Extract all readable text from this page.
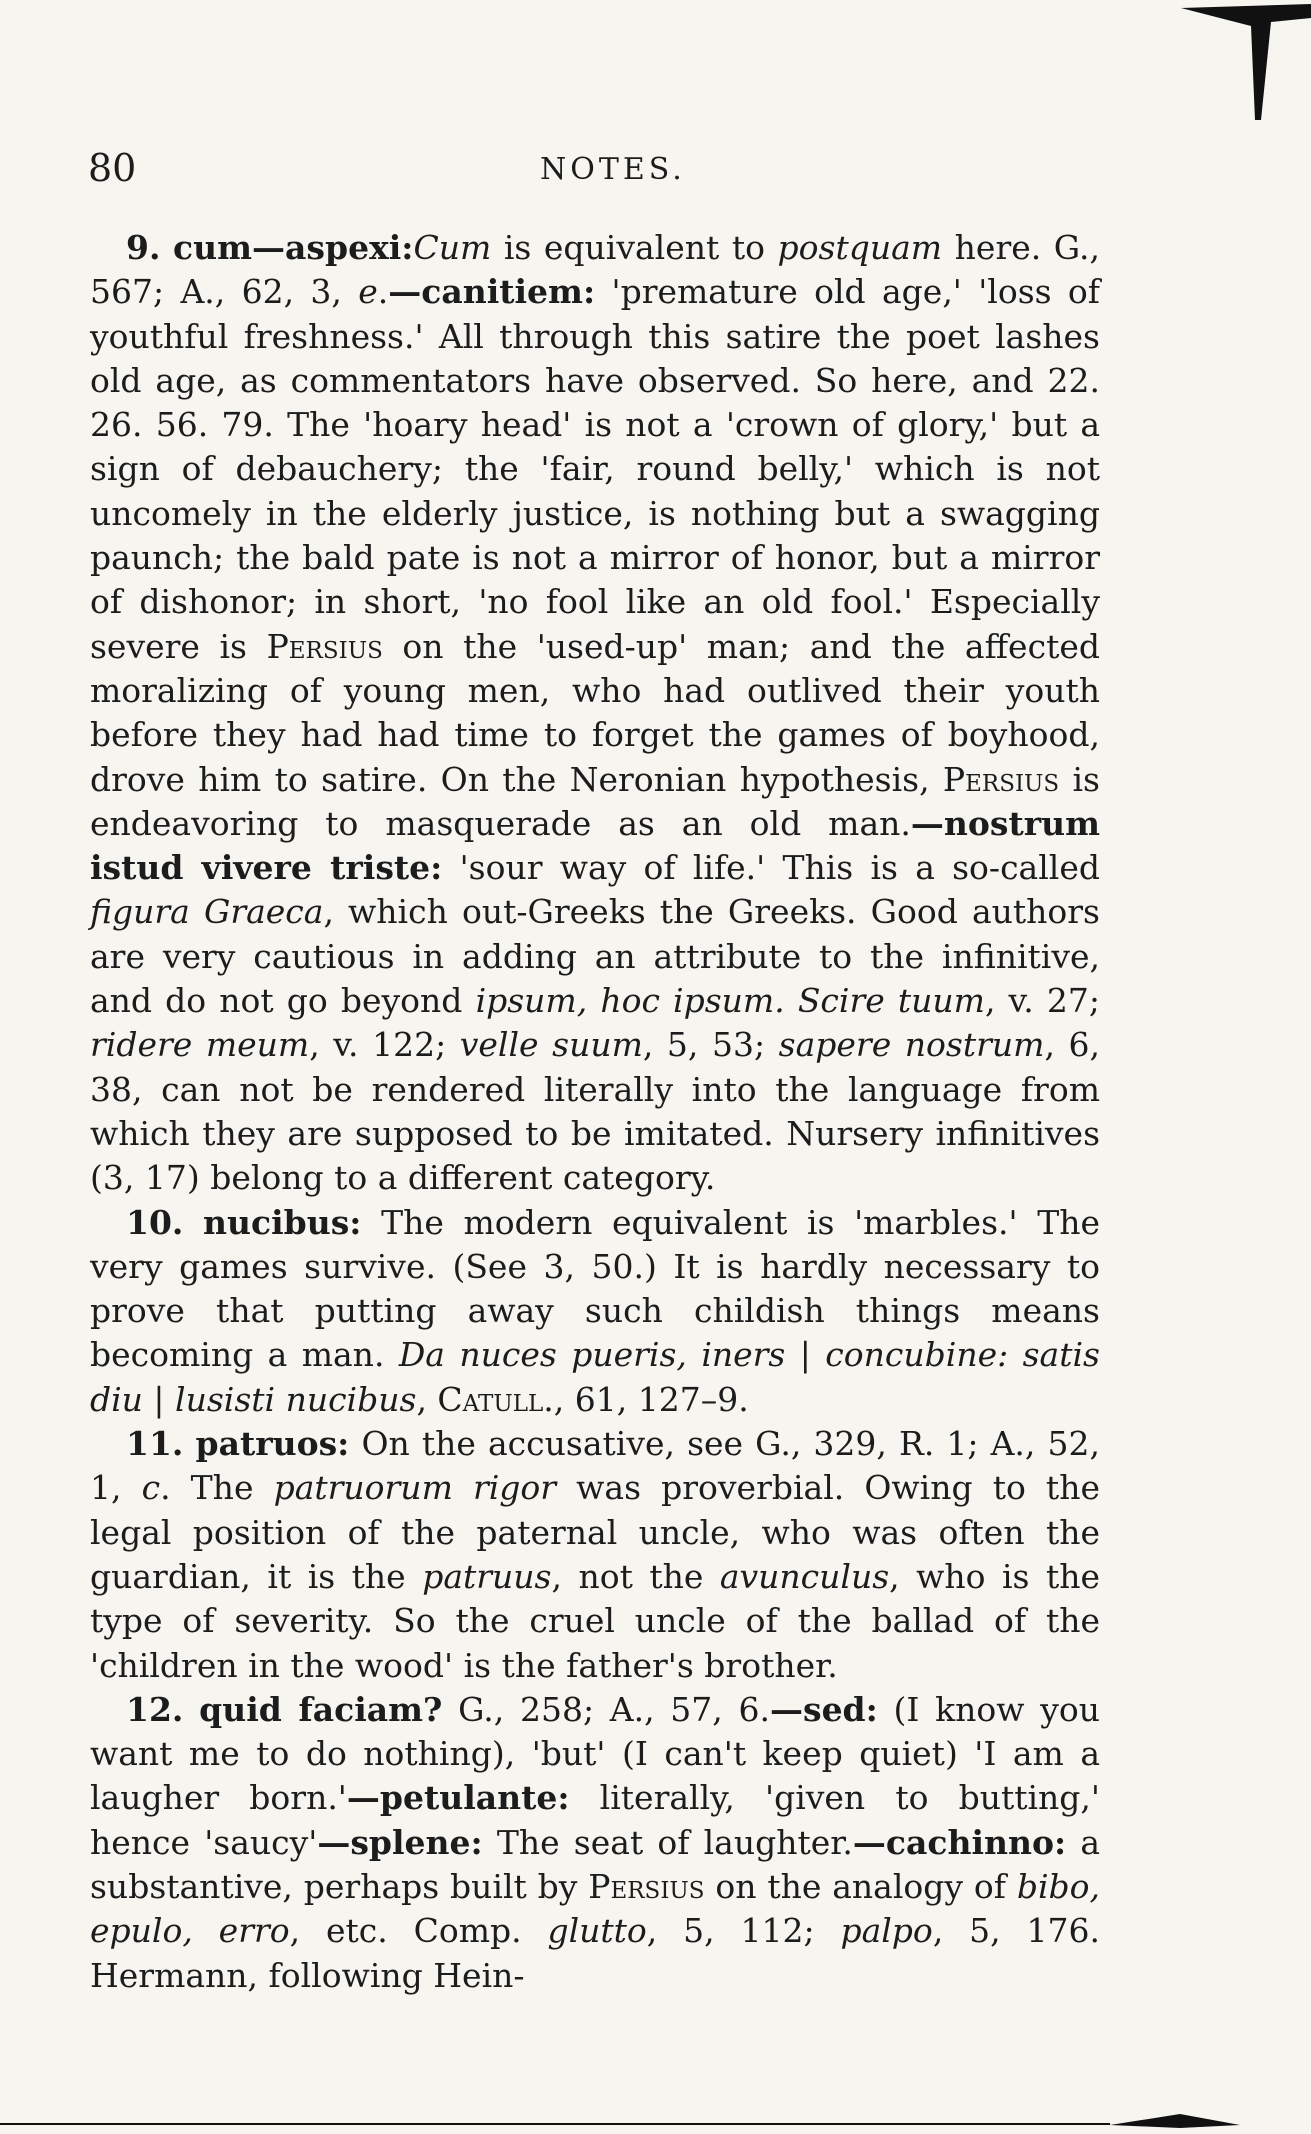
80	NOTES.

9. cum—aspexi:Cum is equivalent to postquam here. G., 567; A., 62, 3, e.—canitiem: 'premature old age,' 'loss of youthful freshness.' All through this satire the poet lashes old age, as commentators have observed. So here, and 22. 26. 56. 79. The 'hoary head' is not a 'crown of glory,' but a sign of debauchery; the 'fair, round belly,' which is not uncomely in the elderly justice, is nothing but a swagging paunch; the bald pate is not a mirror of honor, but a mirror of dishonor; in short, 'no fool like an old fool.' Especially severe is Persius on the 'used-up' man; and the affected moralizing of young men, who had outlived their youth before they had had time to forget the games of boyhood, drove him to satire. On the Neronian hypothesis, Persius is endeavoring to masquerade as an old man.—nostrum istud vivere triste: 'sour way of life.' This is a so-called figura Graeca, which out-Greeks the Greeks. Good authors are very cautious in adding an attribute to the infinitive, and do not go beyond ipsum, hoc ipsum. Scire tuum, v. 27; ridere meum, v. 122; velle suum, 5, 53; sapere nostrum, 6, 38, can not be rendered literally into the language from which they are supposed to be imitated. Nursery infinitives (3, 17) belong to a different category.

10. nucibus: The modern equivalent is 'marbles.' The very games survive. (See 3, 50.) It is hardly necessary to prove that putting away such childish things means becoming a man. Da nuces pueris, iners | concubine: satis diu | lusisti nucibus, Catull., 61, 127–9.

11. patruos: On the accusative, see G., 329, R. 1; A., 52, 1, c. The patruorum rigor was proverbial. Owing to the legal position of the paternal uncle, who was often the guardian, it is the patruus, not the avunculus, who is the type of severity. So the cruel uncle of the ballad of the 'children in the wood' is the father's brother.

12. quid faciam? G., 258; A., 57, 6.—sed: (I know you want me to do nothing), 'but' (I can't keep quiet) 'I am a laugher born.'—petulante: literally, 'given to butting,' hence 'saucy'—splene: The seat of laughter.—cachinno: a substantive, perhaps built by Persius on the analogy of bibo, epulo, erro, etc. Comp. glutto, 5, 112; palpo, 5, 176. Hermann, following Hein-
